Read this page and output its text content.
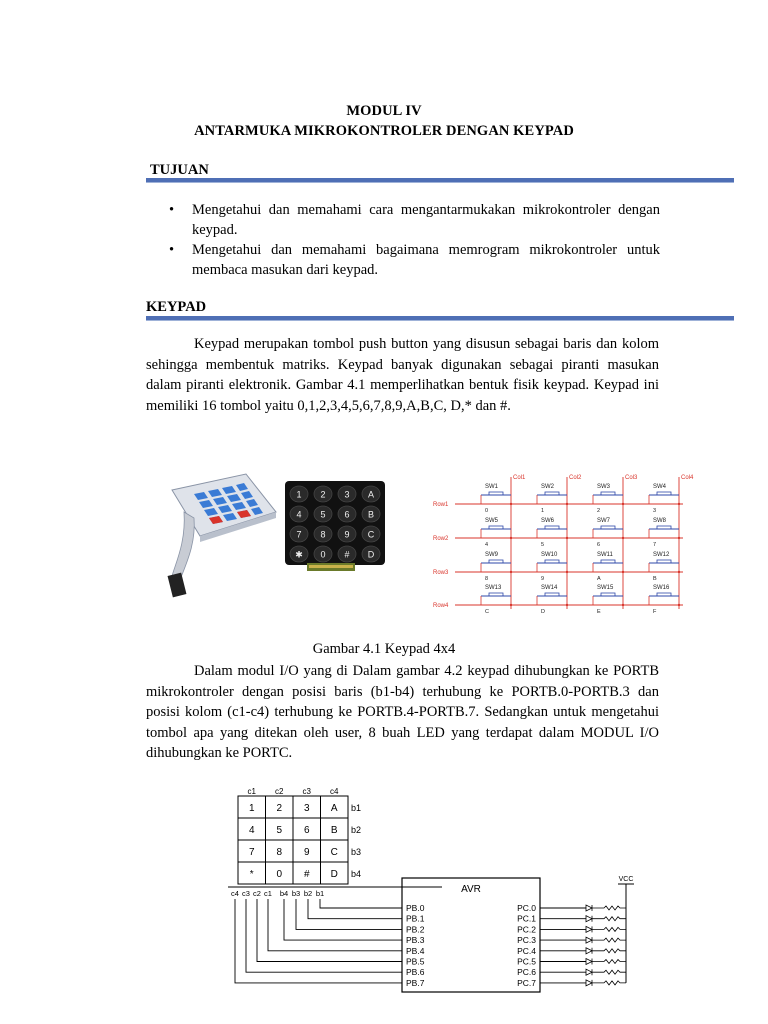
MODUL IV
ANTARMUKA MIKROKONTROLER DENGAN KEYPAD
TUJUAN
• Mengetahui dan memahami cara mengantarmukakan mikrokontroler dengan keypad.
• Mengetahui dan memahami bagaimana memrogram mikrokontroler untuk membaca masukan dari keypad.
KEYPAD

Keypad merupakan tombol push button yang disusun sebagai baris dan kolom sehingga membentuk matriks. Keypad banyak digunakan sebagai piranti masukan dalam piranti elektronik. Gambar 4.1 memperlihatkan bentuk fisik keypad. Keypad ini memiliki 16 tombol yaitu 0,1,2,3,4,5,6,7,8,9,A,B,C, D,* dan #.

1 2 3 A
4 5 6 B
7 8 9 C
✱ 0 # D
Col1	Col2	Col3	Col4
Row1
Row2
Row3
Row4
SW1
0
SW2
1
SW3
2
SW4
3
SW5
4
SW6
5
SW7
6
SW8
7
SW9
8
SW10
9
SW11
A
SW12
B
SW13
C
SW14
D
SW15
E
SW16
F
Gambar 4.1 Keypad 4x4

Dalam modul I/O yang di Dalam gambar 4.2 keypad dihubungkan ke PORTB mikrokontroler dengan posisi baris (b1-b4) terhubung ke PORTB.0-PORTB.3 dan posisi kolom (c1-c4) terhubung ke PORTB.4-PORTB.7. Sedangkan untuk mengetahui tombol apa yang ditekan oleh user, 8 buah LED yang terdapat dalam MODUL I/O dihubungkan ke PORTC.

c1 c2 c3 c4
1 2 3 A b1
4 5 6 B b2
7 8 9 C b3
* 0 # D b4
c4 c3 c2 c1 b4 b3 b2 b1	AVR
PB.0	PC.0
PB.1	PC.1
PB.2	PC.2
PB.3	PC.3
PB.4	PC.4
PB.5	PC.5
PB.6	PC.6
PB.7	PC.7
VCC
